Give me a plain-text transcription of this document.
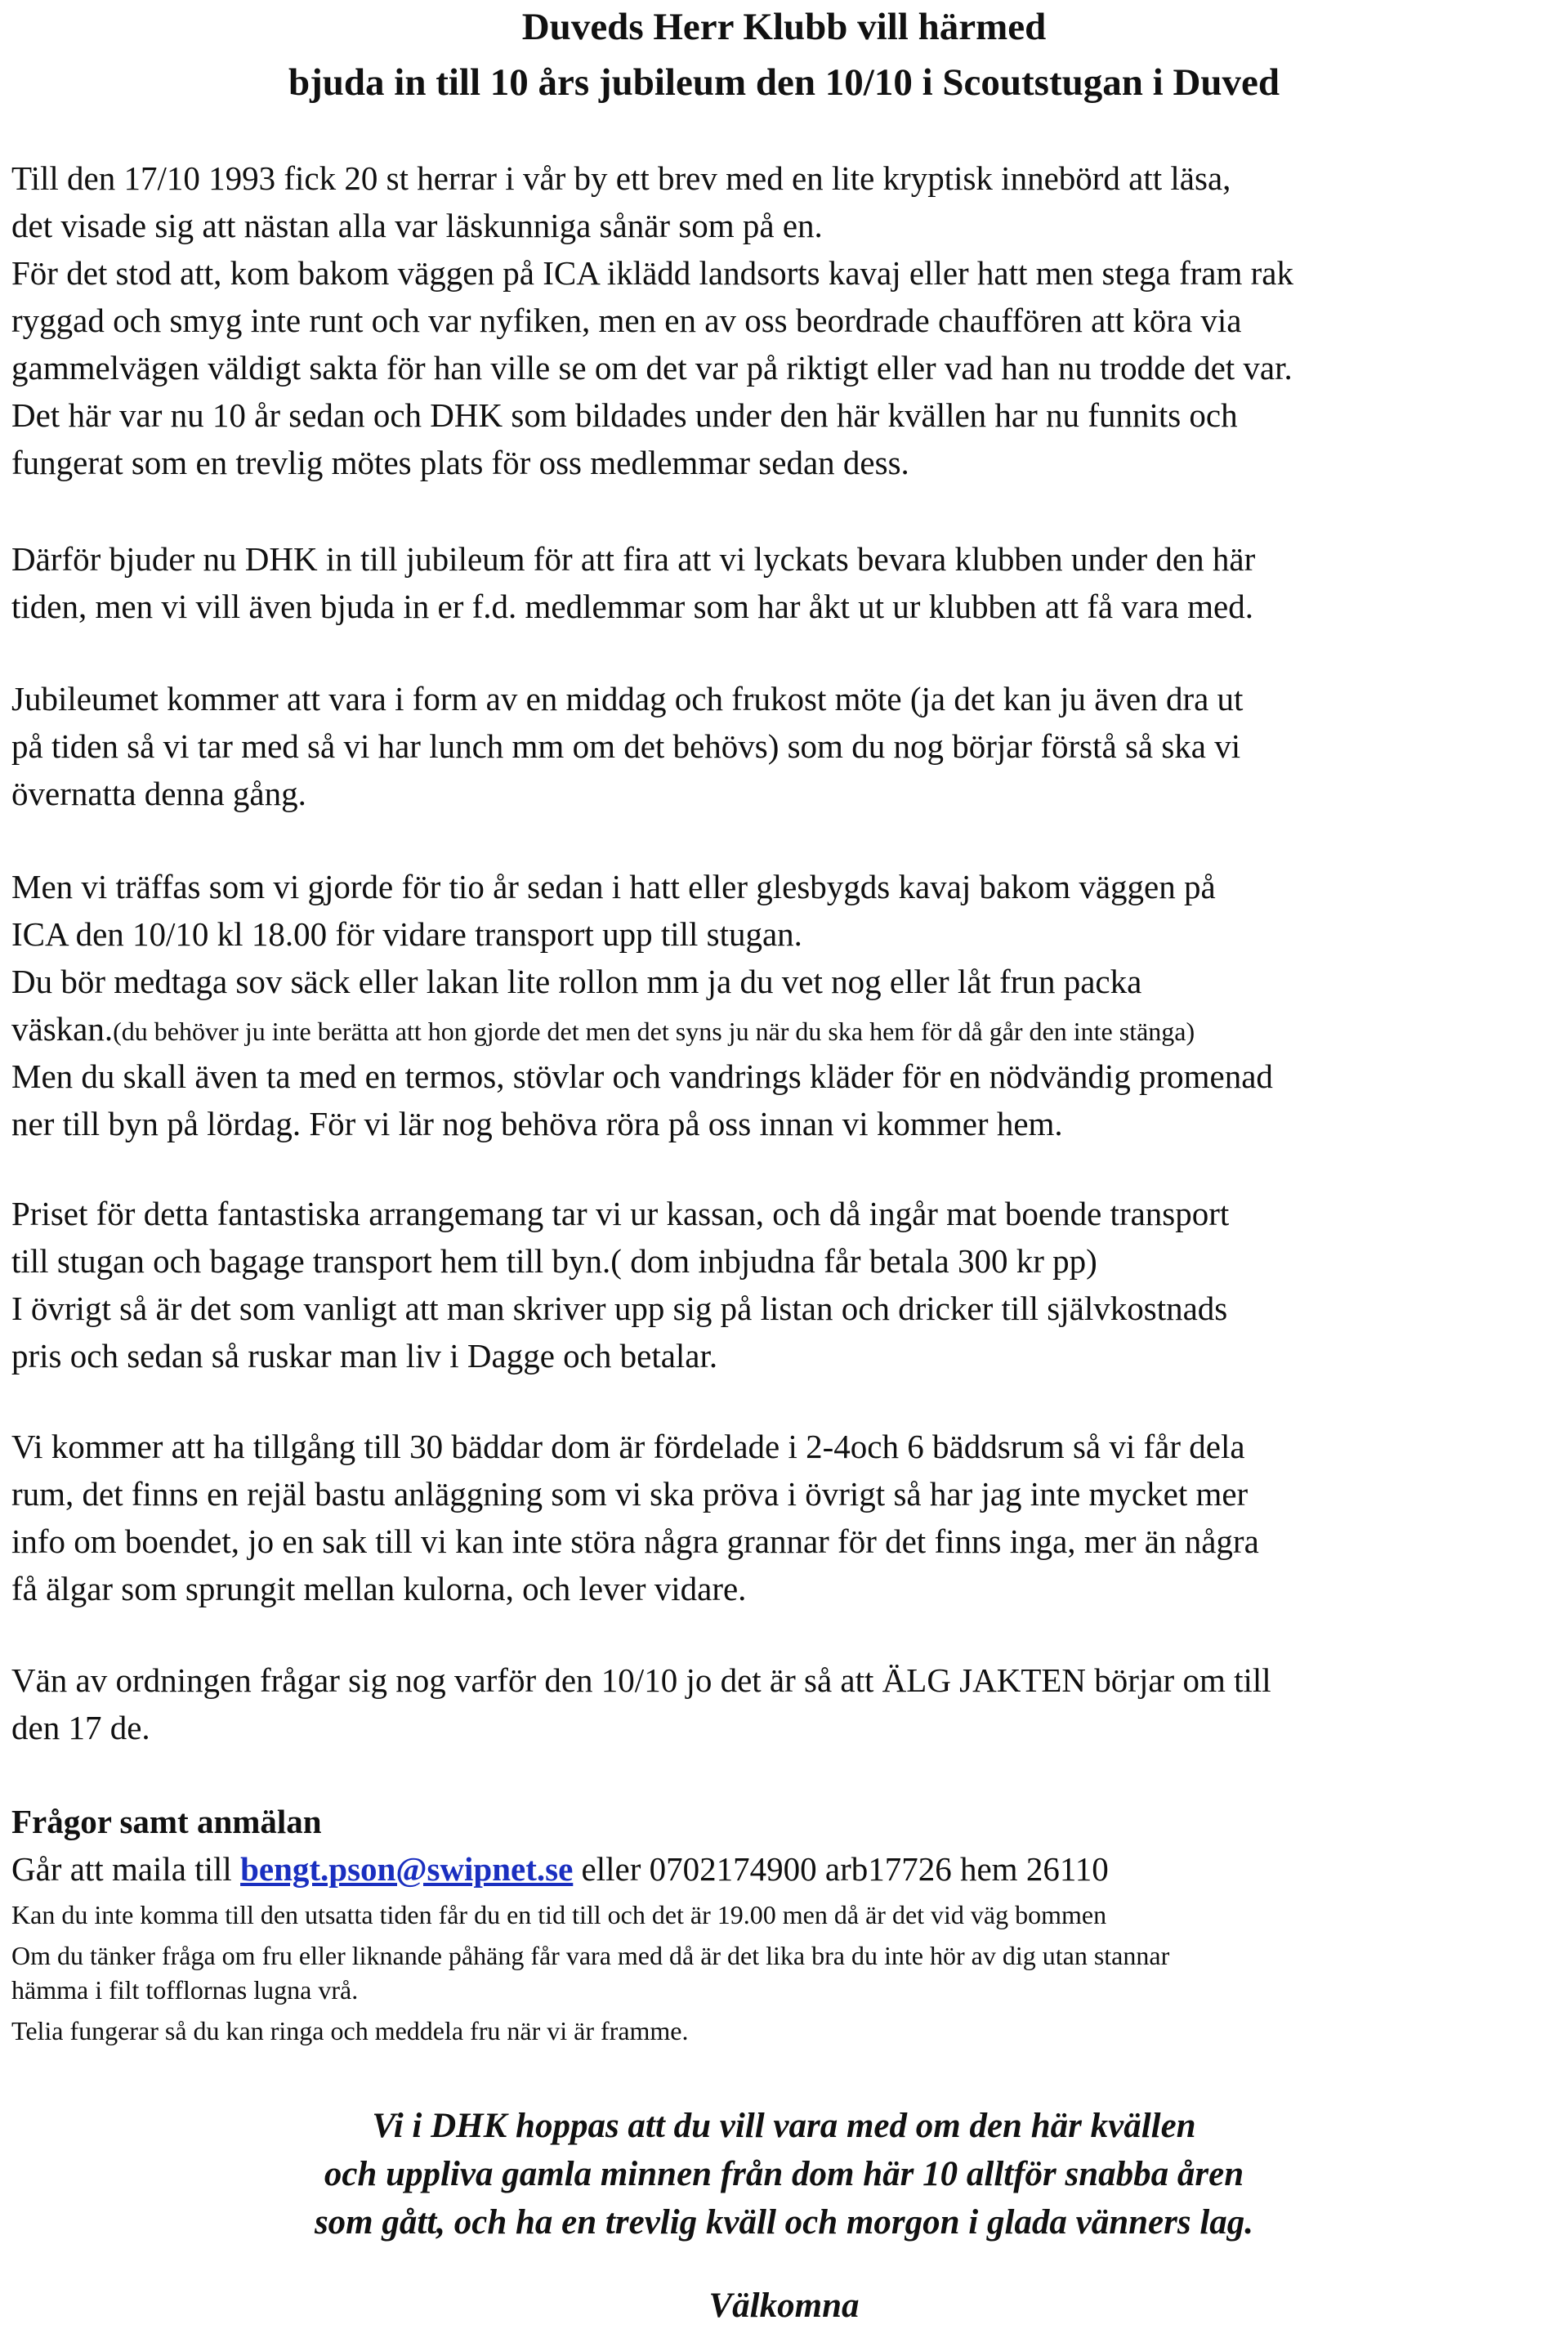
Duveds Herr Klubb vill härmed
bjuda in till 10 års jubileum den 10/10 i Scoutstugan i Duved
Till den 17/10 1993 fick 20 st herrar i vår by ett brev med en lite kryptisk innebörd att läsa,
det visade sig att nästan alla var läskunniga sånär som på en.
För det stod att, kom bakom väggen på ICA iklädd landsorts kavaj eller hatt men stega fram rak
ryggad och smyg inte runt och var nyfiken, men en av oss beordrade chauffören att köra via
gammelvägen väldigt sakta för han ville se om det var på riktigt eller vad han nu trodde det var.
Det här var nu 10 år sedan och DHK som bildades under den här kvällen har nu funnits och
fungerat som en trevlig mötes plats för oss medlemmar sedan dess.
Därför bjuder nu DHK in till jubileum för att fira att vi lyckats bevara klubben under den här
tiden, men vi vill även bjuda in er f.d. medlemmar som har åkt ut ur klubben att få vara med.
Jubileumet kommer att vara i form av en middag och frukost möte (ja det kan ju även dra ut
på tiden så vi tar med så vi har lunch mm om det behövs) som du nog börjar förstå så ska vi
övernatta denna gång.
Men vi träffas som vi gjorde för tio år sedan i hatt eller glesbygds kavaj bakom väggen på
ICA den 10/10 kl 18.00 för vidare transport upp till stugan.
Du bör medtaga sov säck eller lakan lite rollon mm ja du vet nog eller låt frun packa
väskan.(du behöver ju inte berätta att hon gjorde det men det syns ju när du ska hem för då går den inte stänga)
Men du skall även ta med en termos, stövlar och vandrings kläder för en nödvändig promenad
ner till byn på lördag. För vi lär nog behöva röra på oss innan vi kommer hem.
Priset för detta fantastiska arrangemang tar vi ur kassan, och då ingår mat boende transport
till stugan och bagage transport hem till byn.( dom inbjudna får betala 300 kr pp)
I övrigt så är det som vanligt att man skriver upp sig på listan och dricker till självkostnads
pris och sedan så ruskar man liv i Dagge och betalar.
Vi kommer att ha tillgång till 30 bäddar dom är fördelade i 2-4och 6 bäddsrum så vi får dela
rum, det finns en rejäl bastu anläggning som vi ska pröva i övrigt så har jag inte mycket mer
info om boendet, jo en sak till vi kan inte störa några grannar för det finns inga, mer än några
få älgar som sprungit mellan kulorna, och lever vidare.
Vän av ordningen frågar sig nog varför den 10/10 jo det är så att ÄLG JAKTEN börjar om till
den 17 de.
Frågor samt anmälan
Går att maila till bengt.pson@swipnet.se eller 0702174900 arb17726 hem 26110
Kan du inte komma till den utsatta tiden får du en tid till och det är 19.00 men då är det vid väg bommen
Om du tänker fråga om fru eller liknande påhäng får vara med då är det lika bra du inte hör av dig utan stannar
hämma i filt tofflornas lugna vrå.
Telia fungerar så du kan ringa och meddela fru när vi är framme.
Vi i DHK hoppas att du vill vara med om den här kvällen
och uppliva gamla minnen från dom här 10 alltför snabba åren
som gått, och ha en trevlig kväll och morgon i glada vänners lag.
Välkomna
